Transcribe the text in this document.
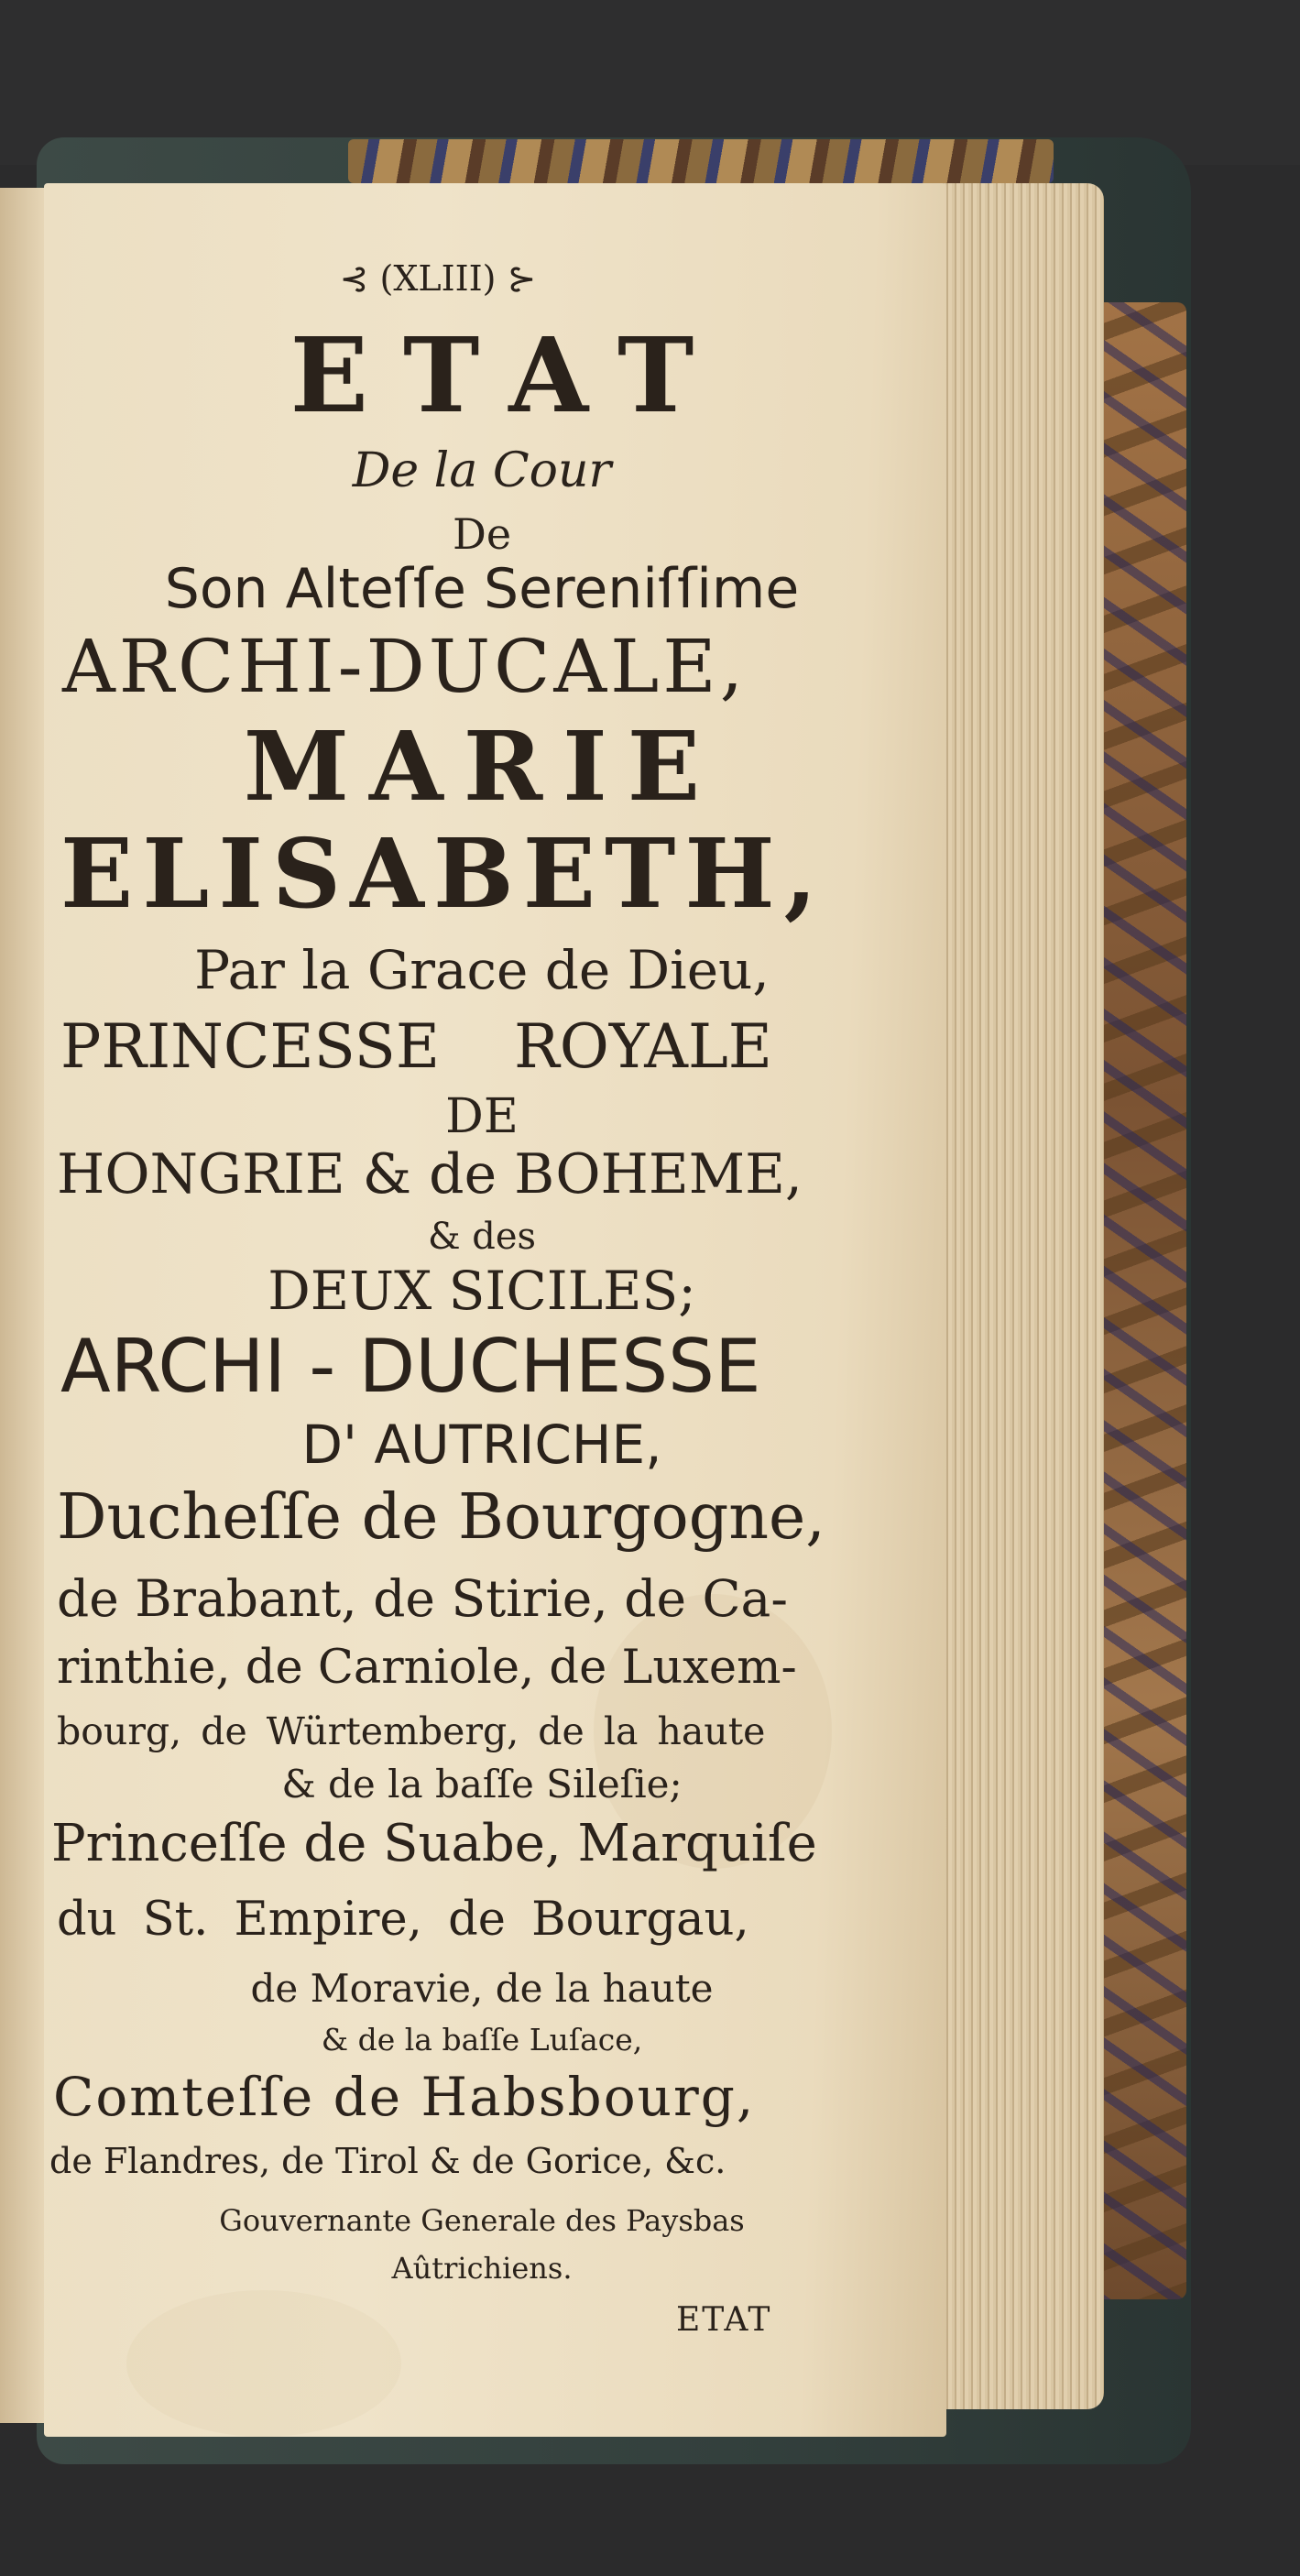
⊰ (XLIII) ⊱
ETAT
De la Cour
De
Son Alteſſe Sereniſſime
ARCHI-DUCALE,
MARIE
ELISABETH,
Par la Grace de Dieu,
PRINCESSE ROYALE
DE
HONGRIE & de BOHEME,
& des
DEUX SICILES;
ARCHI - DUCHESSE
D' AUTRICHE,
Ducheſſe de Bourgogne,
de Brabant, de Stirie, de Ca-
rinthie, de Carniole, de Luxem-
bourg, de Würtemberg, de la haute
& de la baſſe Sileſie;
Princeſſe de Suabe, Marquiſe
du St. Empire, de Bourgau,
de Moravie, de la haute
& de la baſſe Luſace,
Comteſſe de Habsbourg,
de Flandres, de Tirol & de Gorice, &c.
Gouvernante Generale des Paysbas
Aûtrichiens.
ETAT
